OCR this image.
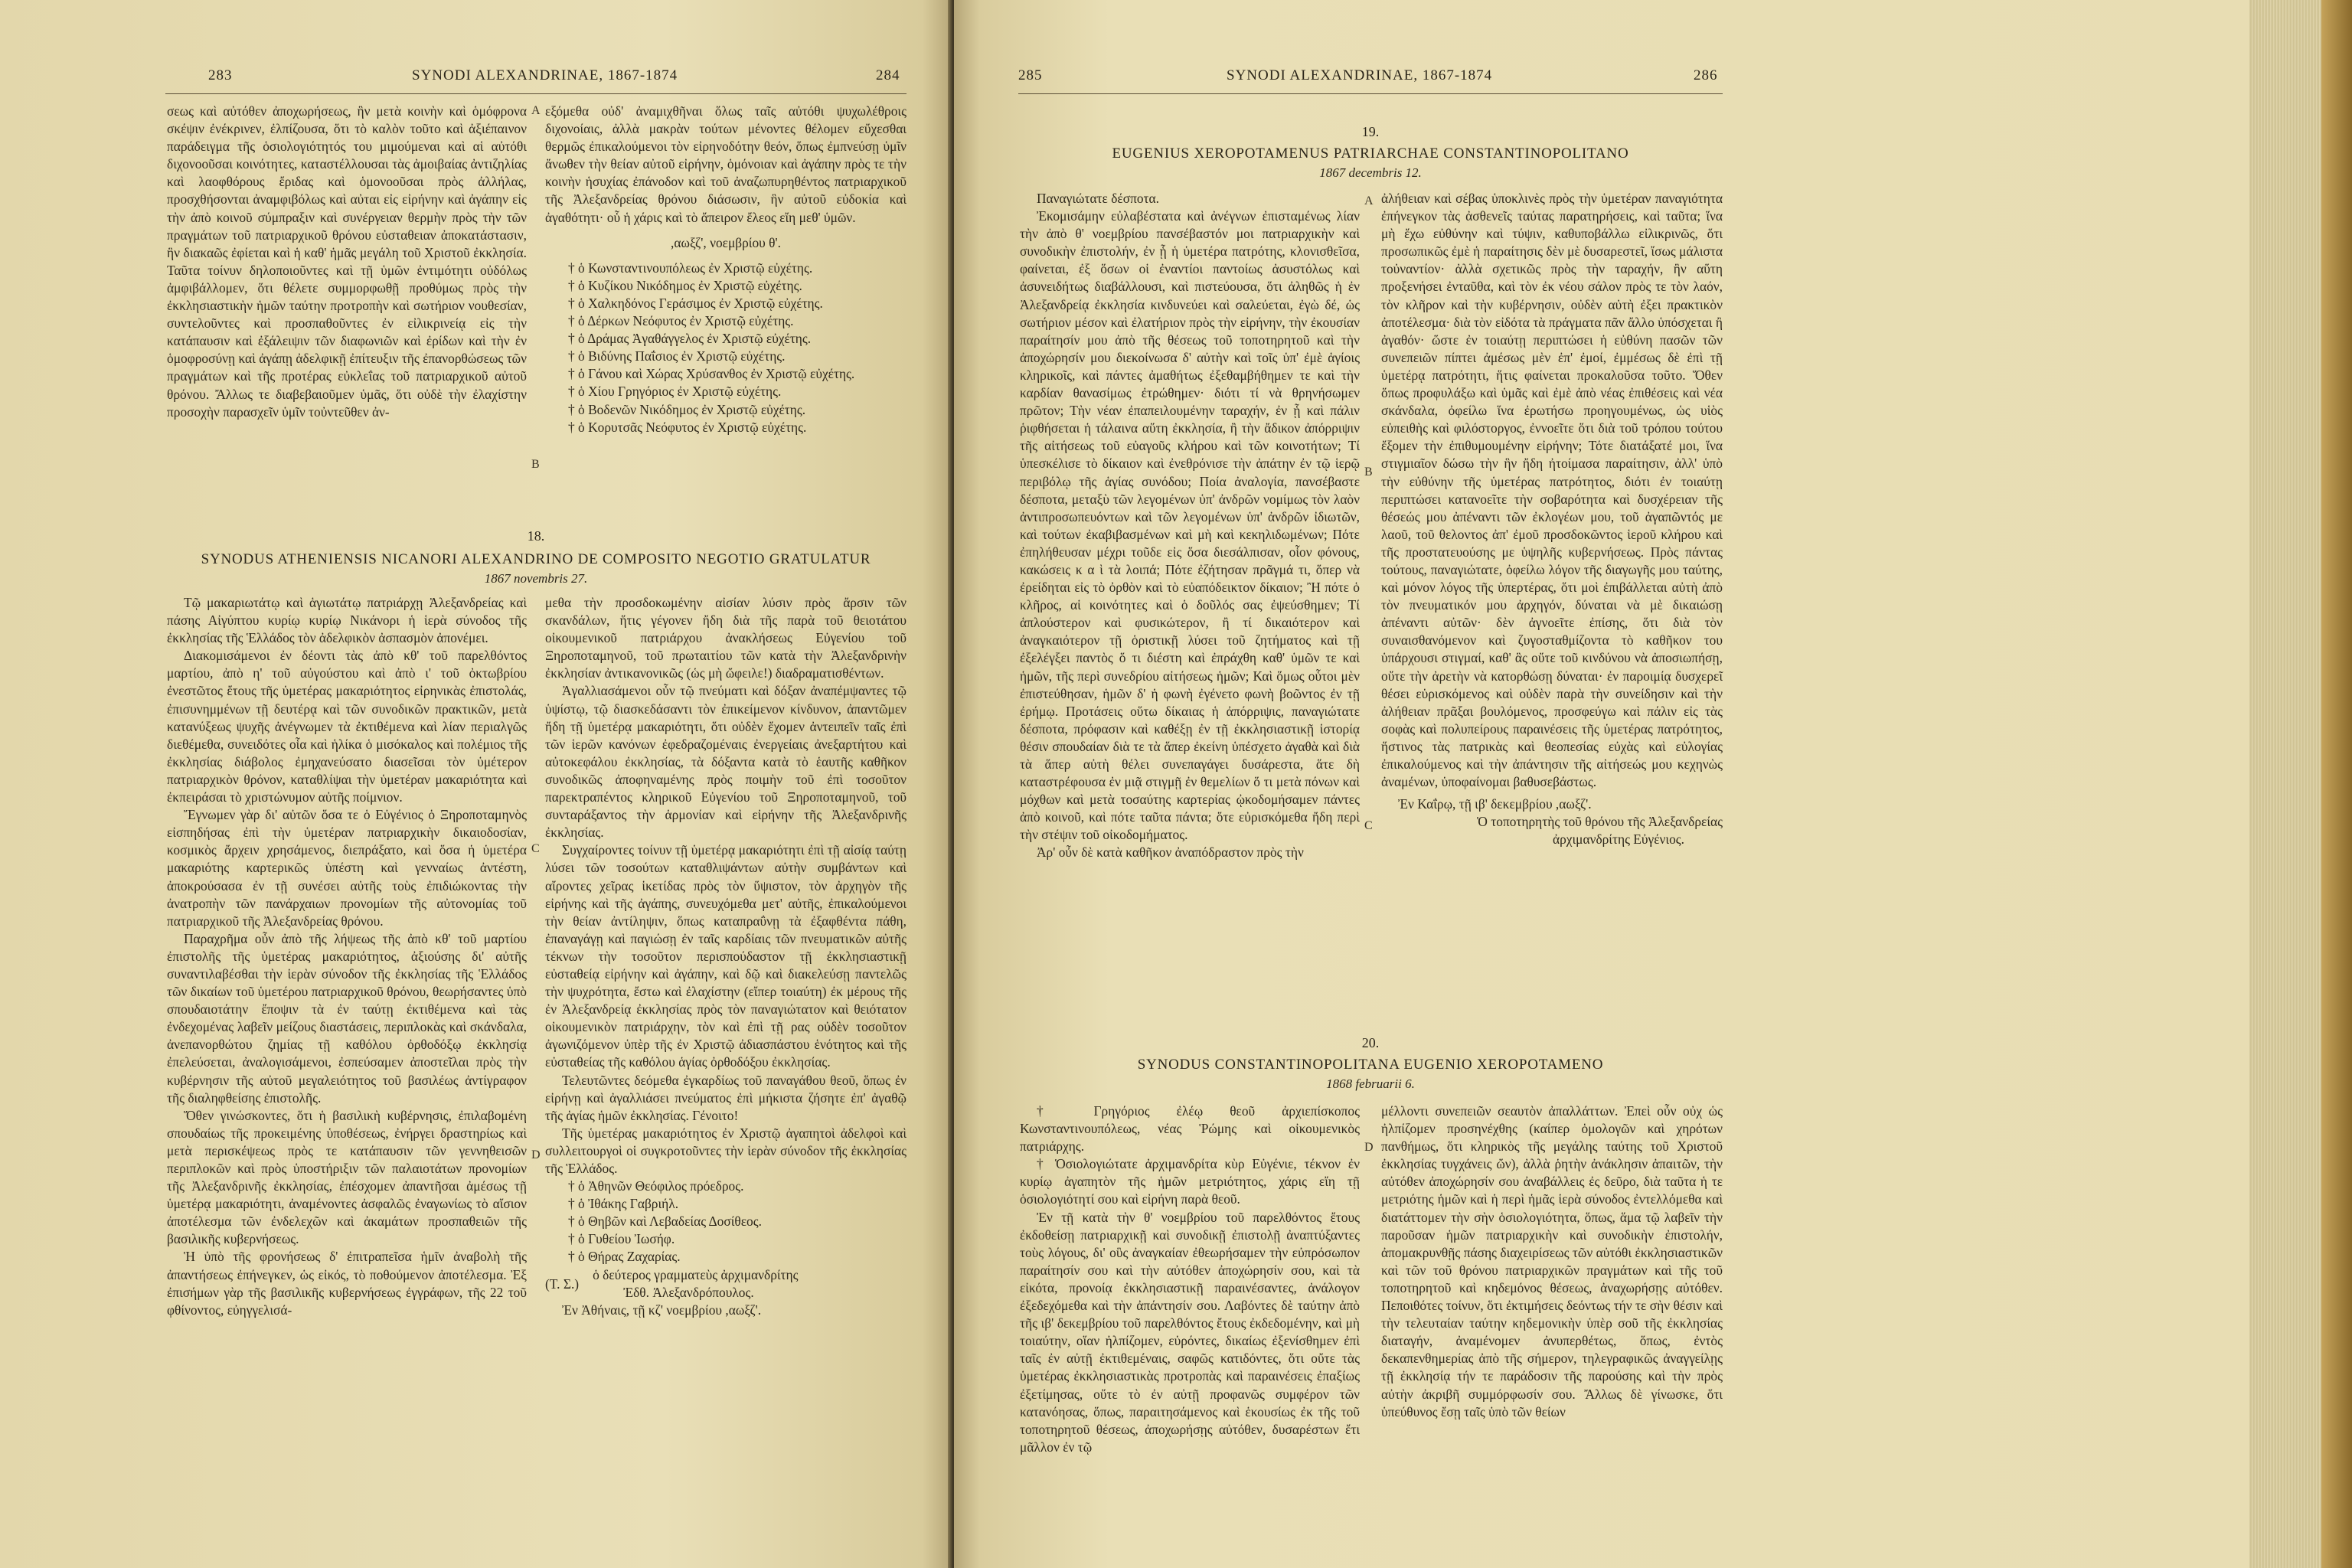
283	SYNODI ALEXANDRINAE, 1867-1874	284

σεως καὶ αὐτόθεν ἀποχωρήσεως, ἣν μετὰ κοινὴν καὶ ὁμόφρονα σκέψιν ἐνέκρινεν, ἐλπίζουσα, ὅτι τὸ καλὸν τοῦτο καὶ ἀξιέπαινον παράδειγμα τῆς ὁσιολογιότητός του μιμούμεναι καὶ αἱ αὐτόθι διχονοοῦσαι κοινότητες, καταστέλλουσαι τὰς ἀμοιβαίας ἀντιζηλίας καὶ λαοφθόρους ἔριδας καὶ ὁμονοοῦσαι πρὸς ἀλλήλας, προσχθήσονται ἀναμφιβόλως καὶ αὐται εἰς εἰρήνην καὶ ἀγάπην εἰς τὴν ἀπὸ κοινοῦ σύμπραξιν καὶ συνέργειαν θερμὴν πρὸς τὴν τῶν πραγμάτων τοῦ πατριαρχικοῦ θρόνου εὐσταθειαν ἀποκατάστασιν, ἣν διακαῶς ἐφίεται καὶ ἡ καθ' ἡμᾶς μεγάλη τοῦ Χριστοῦ ἐκκλησία. Ταῦτα τοίνυν δηλοποιοῦντες καὶ τῇ ὑμῶν ἐντιμότητι οὐδόλως ἀμφιβάλλομεν, ὅτι θέλετε συμμορφωθῇ προθύμως πρὸς τὴν ἐκκλησιαστικὴν ἡμῶν ταύτην προτροπὴν καὶ σωτήριον νουθεσίαν, συντελοῦντες καὶ προσπαθοῦντες ἐν εἰλικρινείᾳ εἰς τὴν κατάπαυσιν καὶ ἐξάλειψιν τῶν διαφωνιῶν καὶ ἐρίδων καὶ τὴν ἐν ὁμοφροσύνῃ καὶ ἀγάπῃ ἀδελφικῇ ἐπίτευξιν τῆς ἐπανορθώσεως τῶν πραγμάτων καὶ τῆς προτέρας εὐκλεΐας τοῦ πατριαρχικοῦ αὐτοῦ θρόνου. Ἄλλως τε διαβεβαιοῦμεν ὑμᾶς, ὅτι οὐδὲ τὴν ἐλαχίστην προσοχὴν παρασχεῖν ὑμῖν τοὐντεῦθεν ἀν-

A εξόμεθα οὐδ' ἀναμιχθῆναι ὅλως ταῖς αὐτόθι ψυχωλέθροις διχονοίαις, ἀλλὰ μακρὰν τούτων μένοντες θέλομεν εὔχεσθαι θερμῶς ἐπικαλούμενοι τὸν εἰρηνοδότην θεόν, ὅπως ἐμπνεύσῃ ὑμῖν ἄνωθεν τὴν θείαν αὐτοῦ εἰρήνην, ὁμόνοιαν καὶ ἀγάπην πρὸς τε τὴν κοινὴν ἡσυχίας ἐπάνοδον καὶ τοῦ ἀναζωπυρηθέντος πατριαρχικοῦ τῆς Ἀλεξανδρείας θρόνου διάσωσιν, ἣν αὐτοῦ εὐδοκία καὶ ἀγαθότητι· οὗ ἡ χάρις καὶ τὸ ἄπειρον ἔλεος εἴη μεθ' ὑμῶν.

,αωξζ', νοεμβρίου θ'.

† ὁ Κωνσταντινουπόλεως ἐν Χριστῷ εὐχέτης.

† ὁ Κυζίκου Νικόδημος ἐν Χριστῷ εὐχέτης.

† ὁ Χαλκηδόνος Γεράσιμος ἐν Χριστῷ εὐχέτης.

† ὁ Δέρκων Νεόφυτος ἐν Χριστῷ εὐχέτης.

† ὁ Δράμας Ἀγαθάγγελος ἐν Χριστῷ εὐχέτης.

† ὁ Βιδύνης Παΐσιος ἐν Χριστῷ εὐχέτης.

† ὁ Γάνου καὶ Χώρας Χρύσανθος ἐν Χριστῷ εὐχέτης.

† ὁ Χίου Γρηγόριος ἐν Χριστῷ εὐχέτης.

† ὁ Βοδενῶν Νικόδημος ἐν Χριστῷ εὐχέτης.

† ὁ Κορυτσᾶς Νεόφυτος ἐν Χριστῷ εὐχέτης.

B
18.
SYNODUS ATHENIENSIS NICANORI ALEXANDRINO DE COMPOSITO NEGOTIO GRATULATUR
1867 novembris 27.

Τῷ μακαριωτάτῳ καὶ ἁγιωτάτῳ πατριάρχῃ Ἀλεξανδρείας καὶ πάσης Αἰγύπτου κυρίῳ κυρίῳ Νικάνορι ἡ ἱερὰ σύνοδος τῆς ἐκκλησίας τῆς Ἑλλάδος τὸν ἀδελφικὸν ἀσπασμὸν ἀπονέμει.

Διακομισάμενοι ἐν δέοντι τὰς ἀπὸ κθ' τοῦ παρελθόντος μαρτίου, ἀπὸ η' τοῦ αὐγούστου καὶ ἀπὸ ι' τοῦ ὀκτωβρίου ἐνεστῶτος ἔτους τῆς ὑμετέρας μακαριότητος εἰρηνικὰς ἐπιστολάς, ἐπισυνημμένων τῇ δευτέρᾳ καὶ τῶν συνοδικῶν πρακτικῶν, μετὰ κατανύξεως ψυχῆς ἀνέγνωμεν τὰ ἐκτιθέμενα καὶ λίαν περιαλγῶς διεθέμεθα, συνειδότες οἷα καὶ ἡλίκα ὁ μισόκαλος καὶ πολέμιος τῆς ἐκκλησίας διάβολος ἐμηχανεύσατο διασεῖσαι τὸν ὑμέτερον πατριαρχικὸν θρόνον, καταθλίψαι τὴν ὑμετέραν μακαριότητα καὶ ἐκπειράσαι τὸ χριστώνυμον αὐτῆς ποίμνιον.

Ἔγνωμεν γὰρ δι' αὐτῶν ὅσα τε ὁ Εὐγένιος ὁ Ξηροποταμηνὸς εἰσπηδήσας ἐπὶ τὴν ὑμετέραν πατριαρχικὴν δικαιοδοσίαν, κοσμικὸς ἄρχειν χρησάμενος, διεπράξατο, καὶ ὅσα ἡ ὑμετέρα μακαριότης καρτερικῶς ὑπέστη καὶ γενναίως ἀντέστη, ἀποκρούσασα ἐν τῇ συνέσει αὐτῆς τοὺς ἐπιδιώκοντας τὴν ἀνατροπὴν τῶν πανάρχαιων προνομίων τῆς αὐτονομίας τοῦ πατριαρχικοῦ τῆς Ἀλεξανδρείας θρόνου.

Παραχρῆμα οὖν ἀπὸ τῆς λήψεως τῆς ἀπὸ κθ' τοῦ μαρτίου ἐπιστολῆς τῆς ὑμετέρας μακαριότητος, ἀξιούσης δι' αὐτῆς συναντιλαβέσθαι τὴν ἱερὰν σύνοδον τῆς ἐκκλησίας τῆς Ἑλλάδος τῶν δικαίων τοῦ ὑμετέρου πατριαρχικοῦ θρόνου, θεωρήσαντες ὑπὸ σπουδαιοτάτην ἔποψιν τὰ ἐν ταύτῃ ἐκτιθέμενα καὶ τὰς ἐνδεχομένας λαβεῖν μείζους διαστάσεις, περιπλοκὰς καὶ σκάνδαλα, ἀνεπανορθώτου ζημίας τῇ καθόλου ὀρθοδόξῳ ἐκκλησίᾳ ἐπελεύσεται, ἀναλογισάμενοι, ἐσπεύσαμεν ἀποστεῖλαι πρὸς τὴν κυβέρνησιν τῆς αὐτοῦ μεγαλειότητος τοῦ βασιλέως ἀντίγραφον τῆς διαληφθείσης ἐπιστολῆς.

Ὅθεν γινώσκοντες, ὅτι ἡ βασιλικὴ κυβέρνησις, ἐπιλαβομένη σπουδαίως τῆς προκειμένης ὑποθέσεως, ἐνήργει δραστηρίως καὶ μετὰ περισκέψεως πρὸς τε κατάπαυσιν τῶν γεννηθεισῶν περιπλοκῶν καὶ πρὸς ὑποστήριξιν τῶν παλαιοτάτων προνομίων τῆς Ἀλεξανδρινῆς ἐκκλησίας, ἐπέσχομεν ἀπαντῆσαι ἀμέσως τῇ ὑμετέρᾳ μακαριότητι, ἀναμένοντες ἀσφαλῶς ἐναγωνίως τὸ αἴσιον ἀποτέλεσμα τῶν ἐνδελεχῶν καὶ ἀκαμάτων προσπαθειῶν τῆς βασιλικῆς κυβερνήσεως.

Ἡ ὑπὸ τῆς φρονήσεως δ' ἐπιτραπεῖσα ἡμῖν ἀναβολὴ τῆς ἀπαντήσεως ἐπήνεγκεν, ὡς εἰκός, τὸ ποθούμενον ἀποτέλεσμα. Ἐξ ἐπισήμων γὰρ τῆς βασιλικῆς κυβερνήσεως ἐγγράφων, τῆς 22 τοῦ φθίνοντος, εὐηγγελισά-

C
D

μεθα τὴν προσδοκωμένην αἰσίαν λύσιν πρὸς ἄρσιν τῶν σκανδάλων, ἥτις γέγονεν ἤδη διὰ τῆς παρὰ τοῦ θειοτάτου οἰκουμενικοῦ πατριάρχου ἀνακλήσεως Εὐγενίου τοῦ Ξηροποταμηνοῦ, τοῦ πρωταιτίου τῶν κατὰ τὴν Ἀλεξανδρινὴν ἐκκλησίαν ἀντικανονικῶς (ὡς μὴ ὤφειλε!) διαδραματισθέντων.

Ἀγαλλιασάμενοι οὖν τῷ πνεύματι καὶ δόξαν ἀναπέμψαντες τῷ ὑψίστῳ, τῷ διασκεδάσαντι τὸν ἐπικείμενον κίνδυνον, ἀπαντῶμεν ἤδη τῇ ὑμετέρᾳ μακαριότητι, ὅτι οὐδὲν ἔχομεν ἀντειπεῖν ταῖς ἐπὶ τῶν ἱερῶν κανόνων ἐφεδραζομέναις ἐνεργείαις ἀνεξαρτήτου καὶ αὐτοκεφάλου ἐκκλησίας, τὰ δόξαντα κατὰ τὸ ἑαυτῆς καθῆκον συνοδικῶς ἀποφηναμένης πρὸς ποιμὴν τοῦ ἐπὶ τοσοῦτον παρεκτραπέντος κληρικοῦ Εὐγενίου τοῦ Ξηροποταμηνοῦ, τοῦ συνταράξαντος τὴν ἁρμονίαν καὶ εἰρήνην τῆς Ἀλεξανδρινῆς ἐκκλησίας.

Συγχαίροντες τοίνυν τῇ ὑμετέρᾳ μακαριότητι ἐπὶ τῇ αἰσίᾳ ταύτῃ λύσει τῶν τοσούτων καταθλιψάντων αὐτὴν συμβάντων καὶ αἴροντες χεῖρας ἱκετίδας πρὸς τὸν ὕψιστον, τὸν ἀρχηγὸν τῆς εἰρήνης καὶ τῆς ἀγάπης, συνευχόμεθα μετ' αὐτῆς, ἐπικαλούμενοι τὴν θείαν ἀντίληψιν, ὅπως καταπραΰνῃ τὰ ἐξαφθέντα πάθη, ἐπαναγάγῃ καὶ παγιώσῃ ἐν ταῖς καρδίαις τῶν πνευματικῶν αὐτῆς τέκνων τὴν τοσοῦτον περισπούδαστον τῇ ἐκκλησιαστικῇ εὐσταθείᾳ εἰρήνην καὶ ἀγάπην, καὶ δῷ καὶ διακελεύσῃ παντελῶς τὴν ψυχρότητα, ἔστω καὶ ἐλαχίστην (εἴπερ τοιαύτη) ἐκ μέρους τῆς ἐν Ἀλεξανδρείᾳ ἐκκλησίας πρὸς τὸν παναγιώτατον καὶ θειότατον οἰκουμενικὸν πατριάρχην, τὸν καὶ ἐπὶ τῇ ρας οὐδὲν τοσοῦτον ἀγωνιζόμενον ὑπὲρ τῆς ἐν Χριστῷ ἀδιασπάστου ἑνότητος καὶ τῆς εὐσταθείας τῆς καθόλου ἁγίας ὀρθοδόξου ἐκκλησίας.

Τελευτῶντες δεόμεθα ἐγκαρδίως τοῦ παναγάθου θεοῦ, ὅπως ἐν εἰρήνῃ καὶ ἀγαλλιάσει πνεύματος ἐπὶ μήκιστα ζήσητε ἐπ' ἀγαθῷ τῆς ἁγίας ἡμῶν ἐκκλησίας. Γένοιτο!

Τῆς ὑμετέρας μακαριότητος ἐν Χριστῷ ἀγαπητοὶ ἀδελφοὶ καὶ συλλειτουργοὶ οἱ συγκροτοῦντες τὴν ἱερὰν σύνοδον τῆς ἐκκλησίας τῆς Ἑλλάδος.

† ὁ Ἀθηνῶν Θεόφιλος πρόεδρος.

† ὁ Ἰθάκης Γαβριήλ.

† ὁ Θηβῶν καὶ Λεβαδείας Δοσίθεος.

† ὁ Γυθείου Ἰωσήφ.

† ὁ Θήρας Ζαχαρίας.

(Τ. Σ.)
ὁ δεύτερος γραμματεὺς ἀρχιμανδρίτης
Ἐδθ. Ἀλεξανδρόπουλος.

Ἐν Ἀθήναις, τῇ κζ' νοεμβρίου ,αωξζ'.

285	SYNODI ALEXANDRINAE, 1867-1874	286
19.
EUGENIUS XEROPOTAMENUS PATRIARCHAE CONSTANTINOPOLITANO
1867 decembris 12.

Παναγιώτατε δέσποτα.

Ἐκομισάμην εὐλαβέστατα καὶ ἀνέγνων ἐπισταμένως λίαν τὴν ἀπὸ θ' νοεμβρίου πανσέβαστόν μοι πατριαρχικὴν καὶ συνοδικὴν ἐπιστολήν, ἐν ᾗ ἡ ὑμετέρα πατρότης, κλονισθεῖσα, φαίνεται, ἐξ ὅσων οἱ ἐναντίοι παντοίως ἀσυστόλως καὶ ἀσυνειδήτως διαβάλλουσι, καὶ πιστεύουσα, ὅτι ἀληθῶς ἡ ἐν Ἀλεξανδρείᾳ ἐκκλησία κινδυνεύει καὶ σαλεύεται, ἐγὼ δέ, ὡς σωτήριον μέσον καὶ ἐλατήριον πρὸς τὴν εἰρήνην, τὴν ἐκουσίαν παραίτησίν μου ἀπὸ τῆς θέσεως τοῦ τοποτηρητοῦ καὶ τὴν ἀποχώρησίν μου διεκοίνωσα δ' αὐτὴν καὶ τοῖς ὑπ' ἐμὲ ἁγίοις κληρικοῖς, καὶ πάντες ἀμαθήτως ἐξεθαμβήθημεν τε καὶ τὴν καρδίαν θανασίμως ἐτρώθημεν· διότι τί νὰ θρηνήσωμεν πρῶτον; Τὴν νέαν ἐπαπειλουμένην ταραχήν, ἐν ᾗ καὶ πάλιν ῥιφθήσεται ἡ τάλαινα αὕτη ἐκκλησία, ἢ τὴν ἄδικον ἀπόρριψιν τῆς αἰτήσεως τοῦ εὐαγοῦς κλήρου καὶ τῶν κοινοτήτων; Τί ὑπεσκέλισε τὸ δίκαιον καὶ ἐνεθρόνισε τὴν ἀπάτην ἐν τῷ ἱερῷ περιβόλῳ τῆς ἁγίας συνόδου; Ποία ἀναλογία, πανσέβαστε δέσποτα, μεταξὺ τῶν λεγομένων ὑπ' ἀνδρῶν νομίμως τὸν λαὸν ἀντιπροσωπευόντων καὶ τῶν λεγομένων ὑπ' ἀνδρῶν ἰδιωτῶν, καὶ τούτων ἐκαβιβασμένων καὶ μὴ καὶ κεκηλιδωμένων; Πότε ἐπηλήθευσαν μέχρι τοῦδε εἰς ὅσα διεσάλπισαν, οἷον φόνους, κακώσεις κ α ὶ τὰ λοιπά; Πότε ἐζήτησαν πρᾶγμά τι, ὅπερ νὰ ἐρείδηται εἰς τὸ ὀρθὸν καὶ τὸ εὐαπόδεικτον δίκαιον; Ἢ πότε ὁ κλῆρος, αἱ κοινότητες καὶ ὁ δοῦλός σας ἐψεύσθημεν; Τί ἁπλούστερον καὶ φυσικώτερον, ἢ τί δικαιότερον καὶ ἀναγκαιότερον τῇ ὁριστικῇ λύσει τοῦ ζητήματος καὶ τῇ ἐξελέγξει παντὸς ὅ τι διέστη καὶ ἐπράχθη καθ' ὑμῶν τε καὶ ἡμῶν, τῆς περὶ συνεδρίου αἰτήσεως ἡμῶν; Καὶ ὅμως οὗτοι μὲν ἐπιστεύθησαν, ἡμῶν δ' ἡ φωνὴ ἐγένετο φωνὴ βοῶντος ἐν τῇ ἐρήμῳ. Προτάσεις οὕτω δίκαιας ἡ ἀπόρριψις, παναγιώτατε δέσποτα, πρόφασιν καὶ καθέξῃ ἐν τῇ ἐκκλησιαστικῇ ἱστορίᾳ θέσιν σπουδαίαν διὰ τε τὰ ἅπερ ἐκείνη ὑπέσχετο ἀγαθὰ καὶ διὰ τὰ ἅπερ αὐτὴ θέλει συνεπαγάγει δυσάρεστα, ἅτε δὴ καταστρέφουσα ἐν μιᾷ στιγμῇ ἐν θεμελίων ὅ τι μετὰ πόνων καὶ μόχθων καὶ μετὰ τοσαύτης καρτερίας ᾠκοδομήσαμεν πάντες ἀπὸ κοινοῦ, καὶ πότε ταῦτα πάντα; ὅτε εὐρισκόμεθα ἤδη περὶ τὴν στέψιν τοῦ οἰκοδομήματος.

Ἀρ' οὖν δὲ κατὰ καθῆκον ἀναπόδραστον πρὸς τὴν

A
B
C

ἀλήθειαν καὶ σέβας ὑποκλινὲς πρὸς τὴν ὑμετέραν παναγιότητα ἐπήνεγκον τὰς ἀσθενεῖς ταύτας παρατηρήσεις, καὶ ταῦτα; ἵνα μὴ ἔχω εὐθύνην καὶ τύψιν, καθυποβάλλω εἰλικρινῶς, ὅτι προσωπικῶς ἐμὲ ἡ παραίτησις δὲν μὲ δυσαρεστεῖ, ἴσως μάλιστα τοὐναντίον· ἀλλὰ σχετικῶς πρὸς τὴν ταραχήν, ἣν αὕτη προξενήσει ἐνταῦθα, καὶ τὸν ἐκ νέου σάλον πρὸς τε τὸν λαόν, τὸν κλῆρον καὶ τὴν κυβέρνησιν, οὐδὲν αὐτὴ ἐξει πρακτικὸν ἀποτέλεσμα· διὰ τὸν εἰδότα τὰ πράγματα πᾶν ἄλλο ὑπόσχεται ἢ ἀγαθόν· ὥστε ἐν τοιαύτῃ περιπτώσει ἡ εὐθύνη πασῶν τῶν συνεπειῶν πίπτει ἀμέσως μὲν ἐπ' ἐμοί, ἐμμέσως δὲ ἐπὶ τῇ ὑμετέρᾳ πατρότητι, ἥτις φαίνεται προκαλοῦσα τοῦτο. Ὅθεν ὅπως προφυλάξω καὶ ὑμᾶς καὶ ἐμὲ ἀπὸ νέας ἐπιθέσεις καὶ νέα σκάνδαλα, ὀφείλω ἵνα ἐρωτήσω προηγουμένως, ὡς υἱὸς εὐπειθὴς καὶ φιλόστοργος, ἐννοεῖτε ὅτι διὰ τοῦ τρόπου τούτου ἔξομεν τὴν ἐπιθυμουμένην εἰρήνην; Τότε διατάξατέ μοι, ἵνα στιγμιαῖον δώσω τὴν ἣν ἤδη ἠτοίμασα παραίτησιν, ἀλλ' ὑπὸ τὴν εὐθύνην τῆς ὑμετέρας πατρότητος, διότι ἐν τοιαύτῃ περιπτώσει κατανοεῖτε τὴν σοβαρότητα καὶ δυσχέρειαν τῆς θέσεώς μου ἀπέναντι τῶν ἐκλογέων μου, τοῦ ἀγαπῶντός με λαοῦ, τοῦ θελοντος ἀπ' ἐμοῦ προσδοκῶντος ἱεροῦ κλήρου καὶ τῆς προστατευούσης με ὑψηλῆς κυβερνήσεως. Πρὸς πάντας τούτους, παναγιώτατε, ὀφείλω λόγον τῆς διαγωγῆς μου ταύτης, καὶ μόνον λόγος τῆς ὑπερτέρας, ὅτι μοὶ ἐπιβάλλεται αὐτὴ ἀπὸ τὸν πνευματικόν μου ἀρχηγόν, δύναται νὰ μὲ δικαιώσῃ ἀπέναντι αὐτῶν· δὲν ἀγνοεῖτε ἐπίσης, ὅτι διὰ τὸν συναισθανόμενον καὶ ζυγοσταθμίζοντα τὸ καθῆκον του ὑπάρχουσι στιγμαί, καθ' ἃς οὔτε τοῦ κινδύνου νὰ ἀποσιωπήσῃ, οὔτε τὴν ἀρετὴν νὰ κατορθώσῃ δύναται· ἐν παροιμίᾳ δυσχερεῖ θέσει εὑρισκόμενος καὶ οὐδὲν παρὰ τὴν συνείδησιν καὶ τὴν ἀλήθειαν πρᾶξαι βουλόμενος, προσφεύγω καὶ πάλιν εἰς τὰς σοφὰς καὶ πολυπείρους παραινέσεις τῆς ὑμετέρας πατρότητος, ἥστινος τὰς πατρικὰς καὶ θεοπεσίας εὐχὰς καὶ εὐλογίας ἐπικαλούμενος καὶ τὴν ἀπάντησιν τῆς αἰτήσεώς μου κεχηνὼς ἀναμένων, ὑποφαίνομαι βαθυσεβάστως.

Ἐν Καΐρῳ, τῇ ιβ' δεκεμβρίου ,αωξζ'.

Ὁ τοποτηρητὴς τοῦ θρόνου τῆς Ἀλεξανδρείας

ἀρχιμανδρίτης Εὐγένιος.

20.
SYNODUS CONSTANTINOPOLITANA EUGENIO XEROPOTAMENO
1868 februarii 6.

† Γρηγόριος ἐλέῳ θεοῦ ἀρχιεπίσκοπος Κωνσταντινουπόλεως, νέας Ῥώμης καὶ οἰκουμενικὸς πατριάρχης.

† Ὁσιολογιώτατε ἀρχιμανδρίτα κὺρ Εὐγένιε, τέκνον ἐν κυρίῳ ἀγαπητὸν τῆς ἡμῶν μετριότητος, χάρις εἴη τῇ ὁσιολογιότητί σου καὶ εἰρήνη παρὰ θεοῦ.

Ἐν τῇ κατὰ τὴν θ' νοεμβρίου τοῦ παρελθόντος ἔτους ἐκδοθείσῃ πατριαρχικῇ καὶ συνοδικῇ ἐπιστολῇ ἀναπτύξαντες τοὺς λόγους, δι' οὓς ἀναγκαίαν ἐθεωρήσαμεν τὴν εὐπρόσωπον παραίτησίν σου καὶ τὴν αὐτόθεν ἀποχώρησίν σου, καὶ τὰ εἰκότα, προνοίᾳ ἐκκλησιαστικῇ παραινέσαντες, ἀνάλογον ἐξεδεχόμεθα καὶ τὴν ἀπάντησίν σου. Λαβόντες δὲ ταύτην ἀπὸ τῆς ιβ' δεκεμβρίου τοῦ παρελθόντος ἔτους ἐκδεδομένην, καὶ μὴ τοιαύτην, οἵαν ἠλπίζομεν, εὑρόντες, δικαίως ἐξενίσθημεν ἐπὶ ταῖς ἐν αὐτῇ ἐκτιθεμέναις, σαφῶς κατιδόντες, ὅτι οὔτε τὰς ὑμετέρας ἐκκλησιαστικὰς προτροπὰς καὶ παραινέσεις ἐπαξίως ἐξετίμησας, οὔτε τὸ ἐν αὐτῇ προφανῶς συμφέρον τῶν κατανόησας, ὅπως, παραιτησάμενος καὶ ἑκουσίως ἐκ τῆς τοῦ τοποτηρητοῦ θέσεως, ἀποχωρήσῃς αὐτόθεν, δυσαρέστων ἔτι μᾶλλον ἐν τῷ

D

μέλλοντι συνεπειῶν σεαυτὸν ἀπαλλάττων. Ἐπεὶ οὖν οὐχ ὡς ἠλπίζομεν προσηνέχθης (καίπερ ὁμολογῶν καὶ χηρότων πανθήμως, ὅτι κληρικὸς τῆς μεγάλης ταύτης τοῦ Χριστοῦ ἐκκλησίας τυγχάνεις ὤν), ἀλλὰ ῥητὴν ἀνάκλησιν ἀπαιτῶν, τὴν αὐτόθεν ἀποχώρησίν σου ἀναβάλλεις ἐς δεῦρο, διὰ ταῦτα ἡ τε μετριότης ἡμῶν καὶ ἡ περὶ ἡμᾶς ἱερὰ σύνοδος ἐντελλόμεθα καὶ διατάττομεν τὴν σὴν ὁσιολογιότητα, ὅπως, ἅμα τῷ λαβεῖν τὴν παροῦσαν ἡμῶν πατριαρχικὴν καὶ συνοδικὴν ἐπιστολήν, ἀπομακρυνθῇς πάσης διαχειρίσεως τῶν αὐτόθι ἐκκλησιαστικῶν καὶ τῶν τοῦ θρόνου πατριαρχικῶν πραγμάτων καὶ τῆς τοῦ τοποτηρητοῦ καὶ κηδεμόνος θέσεως, ἀναχωρήσῃς αὐτόθεν. Πεποιθότες τοίνυν, ὅτι ἐκτιμήσεις δεόντως τήν τε σὴν θέσιν καὶ τὴν τελευταίαν ταύτην κηδεμονικὴν ὑπὲρ σοῦ τῆς ἐκκλησίας διαταγήν, ἀναμένομεν ἀνυπερθέτως, ὅπως, ἐντὸς δεκαπενθημερίας ἀπὸ τῆς σήμερον, τηλεγραφικῶς ἀναγγείλῃς τῇ ἐκκλησίᾳ τήν τε παράδοσιν τῆς παρούσης καὶ τὴν πρὸς αὐτὴν ἀκριβῆ συμμόρφωσίν σου. Ἄλλως δὲ γίνωσκε, ὅτι ὑπεύθυνος ἔσῃ ταῖς ὑπὸ τῶν θείων
